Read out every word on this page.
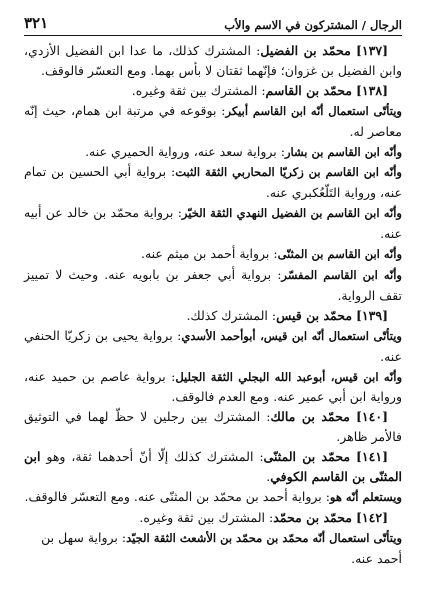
الرجال / المشتركون في الاسم والأب
٣٢١

[١٣٧] محمّد بن الفضيل: المشترك كذلك، ما عدا ابن الفضيل الأزدي، وابن الفضيل بن غزوان؛ فإنّهما ثقتان لا بأس بهما. ومع التعسّر فالوقف.

[١٣٨] محمّد بن القاسم: المشترك بين ثقة وغيره.

ويتأتّى استعمال أنّه ابن القاسم أبيكر: بوقوعه في مرتبة ابن همام، حيث إنّه معاصر له.

وأنّه ابن القاسم بن بشار: برواية سعد عنه، ورواية الحميري عنه.

وأنّه ابن القاسم بن زكريّا المحاربي الثقة الثبت: برواية أبي الحسين بن تمام عنه، ورواية التَلّعُكبري عنه.

وأنّه ابن القاسم بن الفضيل النهدي الثقة الخيّر: برواية محمّد بن خالد عن أبيه عنه.

وأنّه ابن القاسم بن المثنّى: برواية أحمد بن ميثم عنه.

وأنّه ابن القاسم المفسّر: برواية أبي جعفر بن بابويه عنه. وحيث لا تمييز تقف الرواية.

[١٣٩] محمّد بن قيس: المشترك كذلك.

ويتأتّى استعمال أنّه ابن قيس، أبوأحمد الأسدي: برواية يحيى بن زكريّا الحنفي عنه.

وأنّه ابن قيس، أبوعبد الله البجلي الثقة الجليل: برواية عاصم بن حميد عنه، ورواية ابن أبي عمير عنه. ومع العدم فالوقف.

[١٤٠] محمّد بن مالك: المشترك بين رجلين لا حظّ لهما في التوثيق فالأمر ظاهر.

[١٤١] محمّد بن المثنّى: المشترك كذلك إلّا أنّ أحدهما ثقة، وهو ابن المثنّى بن القاسم الكوفي.

ويستعلم أنّه هو: برواية أحمد بن محمّد بن المثنّى عنه. ومع التعسّر فالوقف.

[١٤٢] محمّد بن محمّد: المشترك بين ثقة وغيره.

ويتأتّى استعمال أنّه محمّد بن محمّد بن الأشعث الثقة الجيّد: برواية سهل بن أحمد عنه.
